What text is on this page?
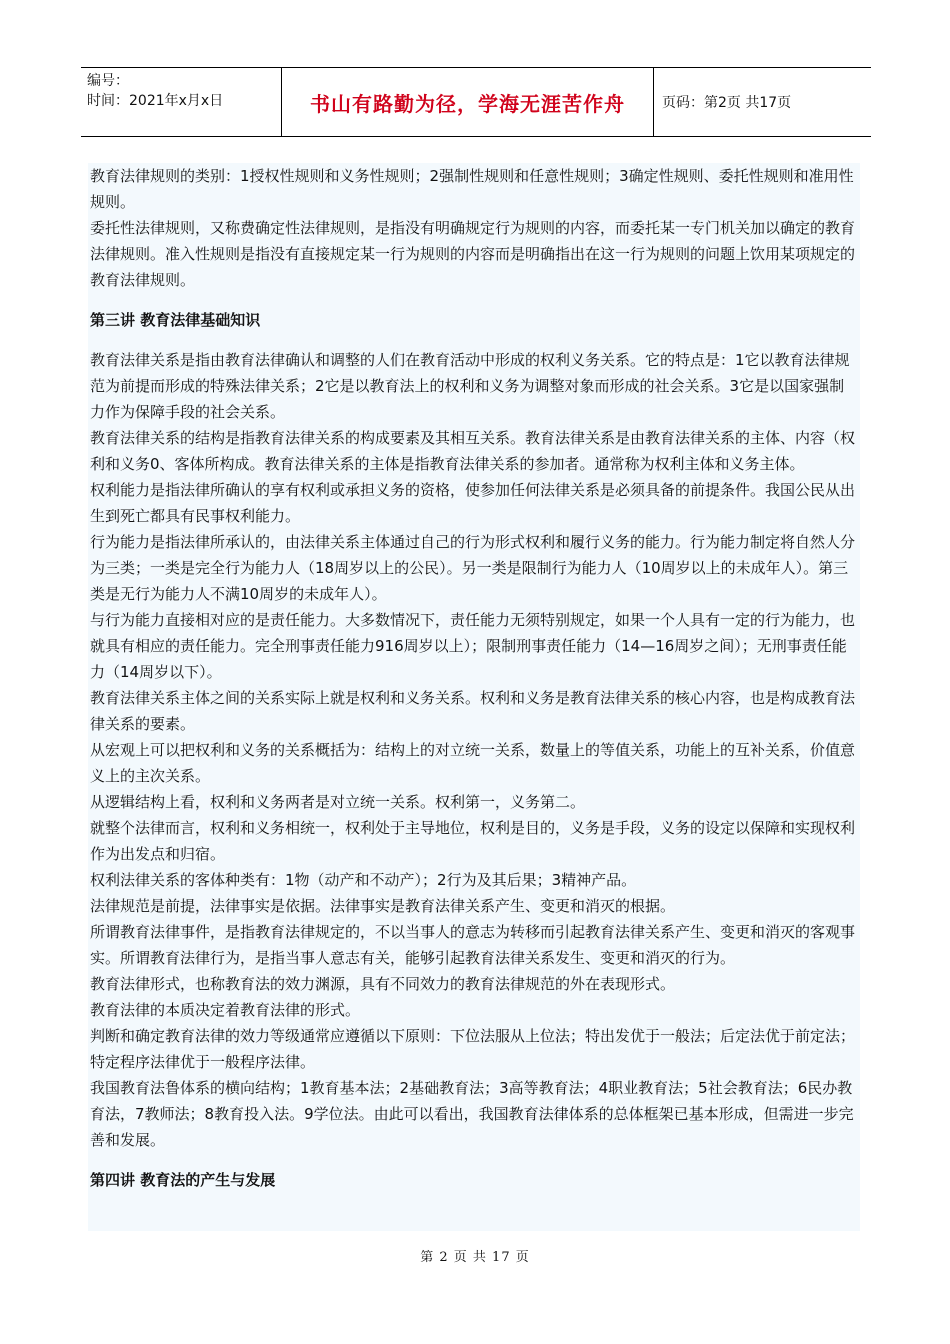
编号：
时间：2021年x月x日	书山有路勤为径，学海无涯苦作舟	页码：第2页 共17页

教育法律规则的类别：1授权性规则和义务性规则；2强制性规则和任意性规则；3确定性规则、委托性规则和准用性规则。

委托性法律规则，又称费确定性法律规则，是指没有明确规定行为规则的内容，而委托某一专门机关加以确定的教育法律规则。准入性规则是指没有直接规定某一行为规则的内容而是明确指出在这一行为规则的问题上饮用某项规定的教育法律规则。

第三讲 教育法律基础知识

教育法律关系是指由教育法律确认和调整的人们在教育活动中形成的权利义务关系。它的特点是：1它以教育法律规范为前提而形成的特殊法律关系；2它是以教育法上的权利和义务为调整对象而形成的社会关系。3它是以国家强制力作为保障手段的社会关系。

教育法律关系的结构是指教育法律关系的构成要素及其相互关系。教育法律关系是由教育法律关系的主体、内容（权利和义务0、客体所构成。教育法律关系的主体是指教育法律关系的参加者。通常称为权利主体和义务主体。

权利能力是指法律所确认的享有权利或承担义务的资格，使参加任何法律关系是必须具备的前提条件。我国公民从出生到死亡都具有民事权利能力。

行为能力是指法律所承认的，由法律关系主体通过自己的行为形式权利和履行义务的能力。行为能力制定将自然人分为三类；一类是完全行为能力人（18周岁以上的公民）。另一类是限制行为能力人（10周岁以上的未成年人）。第三类是无行为能力人不满10周岁的未成年人）。

与行为能力直接相对应的是责任能力。大多数情况下，责任能力无须特别规定，如果一个人具有一定的行为能力，也就具有相应的责任能力。完全刑事责任能力916周岁以上）；限制刑事责任能力（14—16周岁之间）；无刑事责任能力（14周岁以下）。

教育法律关系主体之间的关系实际上就是权利和义务关系。权利和义务是教育法律关系的核心内容，也是构成教育法律关系的要素。

从宏观上可以把权利和义务的关系概括为：结构上的对立统一关系，数量上的等值关系，功能上的互补关系，价值意义上的主次关系。

从逻辑结构上看，权利和义务两者是对立统一关系。权利第一，义务第二。

就整个法律而言，权利和义务相统一，权利处于主导地位，权利是目的，义务是手段，义务的设定以保障和实现权利作为出发点和归宿。

权利法律关系的客体种类有：1物（动产和不动产）；2行为及其后果；3精神产品。

法律规范是前提，法律事实是依据。法律事实是教育法律关系产生、变更和消灭的根据。

所谓教育法律事件，是指教育法律规定的，不以当事人的意志为转移而引起教育法律关系产生、变更和消灭的客观事实。所谓教育法律行为，是指当事人意志有关，能够引起教育法律关系发生、变更和消灭的行为。

教育法律形式，也称教育法的效力渊源，具有不同效力的教育法律规范的外在表现形式。

教育法律的本质决定着教育法律的形式。

判断和确定教育法律的效力等级通常应遵循以下原则：下位法服从上位法；特出发优于一般法；后定法优于前定法；特定程序法律优于一般程序法律。

我国教育法鲁体系的横向结构；1教育基本法；2基础教育法；3高等教育法；4职业教育法；5社会教育法；6民办教育法，7教师法；8教育投入法。9学位法。由此可以看出，我国教育法律体系的总体框架已基本形成，但需进一步完善和发展。

第四讲 教育法的产生与发展

第 2 页 共 17 页
